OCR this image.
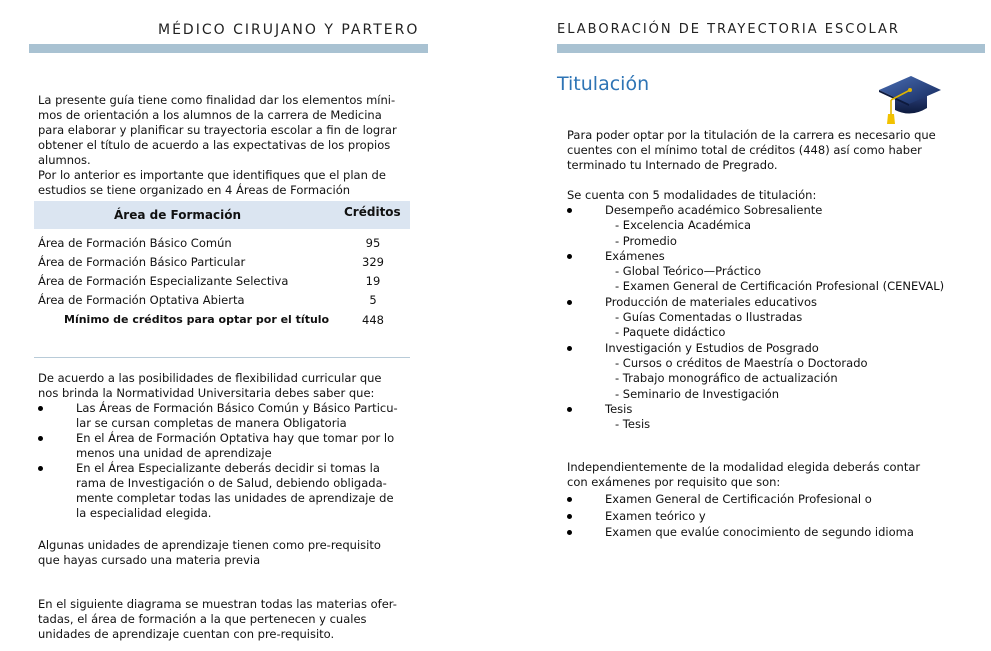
MÉDICO CIRUJANO Y PARTERO
La presente guía tiene como finalidad dar los elementos míni-
mos de orientación a los alumnos de la carrera de Medicina
para elaborar y planificar su trayectoria escolar a fin de lograr
obtener el título de acuerdo a las expectativas de los propios
alumnos.
Por lo anterior es importante que identifiques que el plan de
estudios se tiene organizado en 4 Áreas de Formación
Área de Formación	Créditos
Área de Formación Básico Común	95
Área de Formación Básico Particular	329
Área de Formación Especializante Selectiva	19
Área de Formación Optativa Abierta	5
Mínimo de créditos para optar por el título	448
De acuerdo a las posibilidades de flexibilidad curricular que
nos brinda la Normatividad Universitaria debes saber que:
Las Áreas de Formación Básico Común y Básico Particu-
lar se cursan completas de manera Obligatoria
En el Área de Formación Optativa hay que tomar por lo
menos una unidad de aprendizaje
En el Área Especializante deberás decidir si tomas la
rama de Investigación o de Salud, debiendo obligada-
mente completar todas las unidades de aprendizaje de
la especialidad elegida.
Algunas unidades de aprendizaje tienen como pre-requisito
que hayas cursado una materia previa
En el siguiente diagrama se muestran todas las materias ofer-
tadas, el área de formación a la que pertenecen y cuales
unidades de aprendizaje cuentan con pre-requisito.
ELABORACIÓN DE TRAYECTORIA ESCOLAR
Titulación
Para poder optar por la titulación de la carrera es necesario que
cuentes con el mínimo total de créditos (448) así como haber
terminado tu Internado de Pregrado.
Se cuenta con 5 modalidades de titulación:
Desempeño académico Sobresaliente
- Excelencia Académica
- Promedio
Exámenes
- Global Teórico—Práctico
- Examen General de Certificación Profesional (CENEVAL)
Producción de materiales educativos
- Guías Comentadas o Ilustradas
- Paquete didáctico
Investigación y Estudios de Posgrado
- Cursos o créditos de Maestría o Doctorado
- Trabajo monográfico de actualización
- Seminario de Investigación
Tesis
- Tesis
Independientemente de la modalidad elegida deberás contar
con exámenes por requisito que son:
Examen General de Certificación Profesional o
Examen teórico y
Examen que evalúe conocimiento de segundo idioma
